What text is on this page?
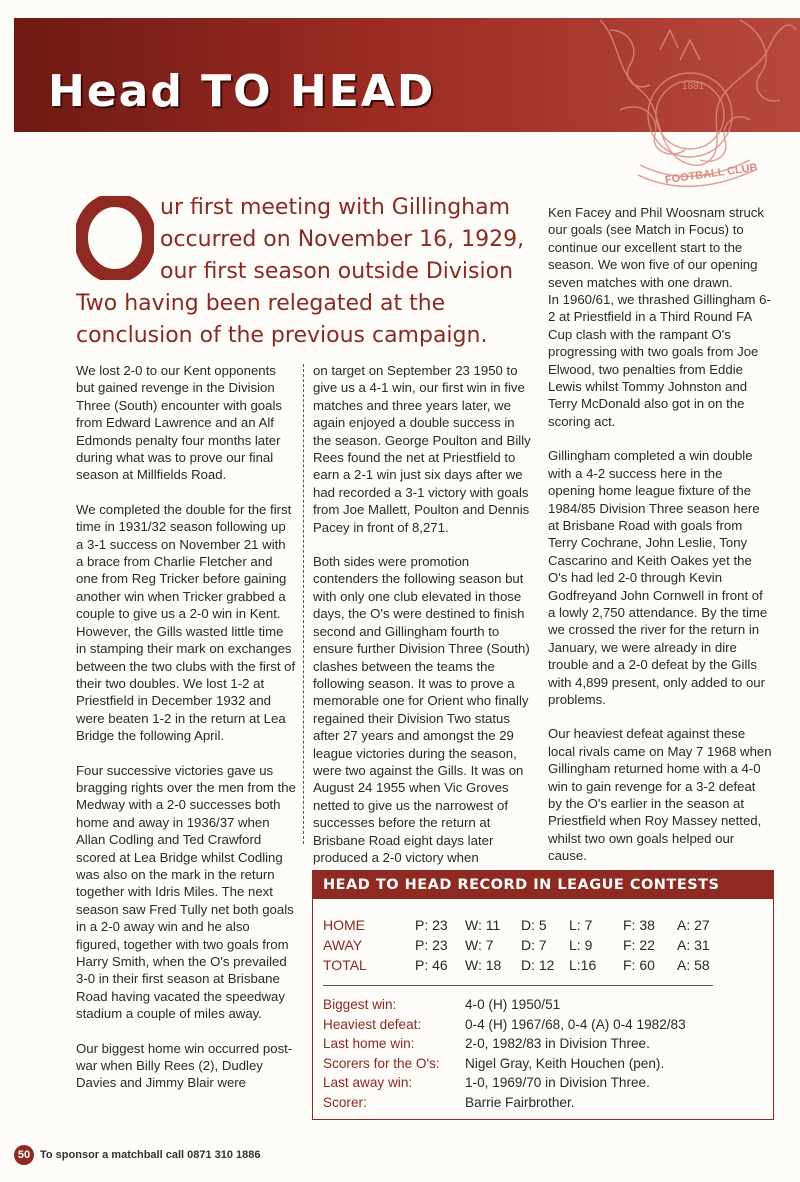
Head TO HEAD	1881
FOOTBALL CLUB
ur first meeting with Gillingham occurred on November 16, 1929, our first season outside Division Two having been relegated at the conclusion of the previous campaign.

We lost 2-0 to our Kent opponents but gained revenge in the Division Three (South) encounter with goals from Edward Lawrence and an Alf Edmonds penalty four months later during what was to prove our final season at Millfields Road.

We completed the double for the first time in 1931/32 season following up a 3-1 success on November 21 with a brace from Charlie Fletcher and one from Reg Tricker before gaining another win when Tricker grabbed a couple to give us a 2-0 win in Kent. However, the Gills wasted little time in stamping their mark on exchanges between the two clubs with the first of their two doubles. We lost 1-2 at Priestfield in December 1932 and were beaten 1-2 in the return at Lea Bridge the following April.

Four successive victories gave us bragging rights over the men from the Medway with a 2-0 successes both home and away in 1936/37 when Allan Codling and Ted Crawford scored at Lea Bridge whilst Codling was also on the mark in the return together with Idris Miles. The next season saw Fred Tully net both goals in a 2-0 away win and he also figured, together with two goals from Harry Smith, when the O's prevailed 3-0 in their first season at Brisbane Road having vacated the speedway stadium a couple of miles away.

Our biggest home win occurred post-war when Billy Rees (2), Dudley Davies and Jimmy Blair were

on target on September 23 1950 to give us a 4-1 win, our first win in five matches and three years later, we again enjoyed a double success in the season. George Poulton and Billy Rees found the net at Priestfield to earn a 2-1 win just six days after we had recorded a 3-1 victory with goals from Joe Mallett, Poulton and Dennis Pacey in front of 8,271.

Both sides were promotion contenders the following season but with only one club elevated in those days, the O's were destined to finish second and Gillingham fourth to ensure further Division Three (South) clashes between the teams the following season. It was to prove a memorable one for Orient who finally regained their Division Two status after 27 years and amongst the 29 league victories during the season, were two against the Gills. It was on August 24 1955 when Vic Groves netted to give us the narrowest of successes before the return at Brisbane Road eight days later produced a 2-0 victory when

Ken Facey and Phil Woosnam struck our goals (see Match in Focus) to continue our excellent start to the season. We won five of our opening seven matches with one drawn.
In 1960/61, we thrashed Gillingham 6-2 at Priestfield in a Third Round FA Cup clash with the rampant O's progressing with two goals from Joe Elwood, two penalties from Eddie Lewis whilst Tommy Johnston and Terry McDonald also got in on the scoring act.

Gillingham completed a win double with a 4-2 success here in the opening home league fixture of the 1984/85 Division Three season here at Brisbane Road with goals from Terry Cochrane, John Leslie, Tony Cascarino and Keith Oakes yet the O's had led 2-0 through Kevin Godfreyand John Cornwell in front of a lowly 2,750 attendance. By the time we crossed the river for the return in January, we were already in dire trouble and a 2-0 defeat by the Gills with 4,899 present, only added to our problems.

Our heaviest defeat against these local rivals came on May 7 1968 when Gillingham returned home with a 4-0 win to gain revenge for a 3-2 defeat by the O's earlier in the season at Priestfield when Roy Massey netted, whilst two own goals helped our cause.

HEAD TO HEAD RECORD IN LEAGUE CONTESTS
HOME	P: 23	W: 11	D: 5	L: 7	F: 38	A: 27
AWAY	P: 23	W: 7	D: 7	L: 9	F: 22	A: 31
TOTAL	P: 46	W: 18	D: 12	L:16	F: 60	A: 58
Biggest win:	4-0 (H) 1950/51
Heaviest defeat:	0-4 (H) 1967/68, 0-4 (A) 0-4 1982/83
Last home win:	2-0, 1982/83 in Division Three.
Scorers for the O's:	Nigel Gray, Keith Houchen (pen).
Last away win:	1-0, 1969/70 in Division Three.
Scorer:	Barrie Fairbrother.
50 To sponsor a matchball call 0871 310 1886
